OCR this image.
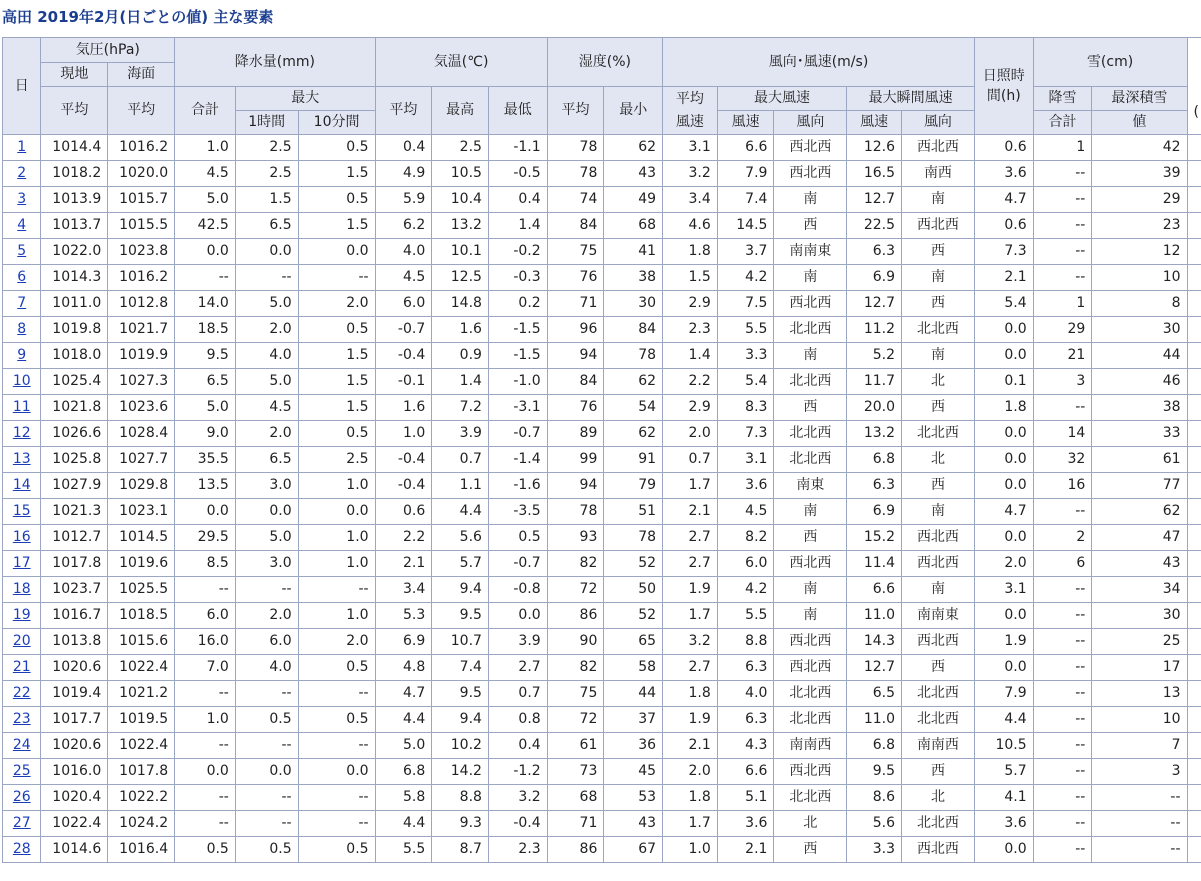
高田 2019年2月(日ごとの値) 主な要素
日	気圧(hPa)		降水量(mm)			気温(℃)			湿度(%)		風向･風速(m/s)					日照時間(h)	雪(cm)		(

	現地	海面																	
	平均	平均	合計	最大		平均	最高	最低	平均	最小	平均風速	最大風速		最大瞬間風速			降雪	最深積雪	
				1時間	10分間							風速	風向	風速	風向		合計	値	
1	1014.4	1016.2	1.0	2.5	0.5	0.4	2.5	-1.1	78	62	3.1	6.6	西北西	12.6	西北西	0.6	1	42	
2	1018.2	1020.0	4.5	2.5	1.5	4.9	10.5	-0.5	78	43	3.2	7.9	西北西	16.5	南西	3.6	--	39	
3	1013.9	1015.7	5.0	1.5	0.5	5.9	10.4	0.4	74	49	3.4	7.4	南	12.7	南	4.7	--	29	
4	1013.7	1015.5	42.5	6.5	1.5	6.2	13.2	1.4	84	68	4.6	14.5	西	22.5	西北西	0.6	--	23	
5	1022.0	1023.8	0.0	0.0	0.0	4.0	10.1	-0.2	75	41	1.8	3.7	南南東	6.3	西	7.3	--	12	
6	1014.3	1016.2	--	--	--	4.5	12.5	-0.3	76	38	1.5	4.2	南	6.9	南	2.1	--	10	
7	1011.0	1012.8	14.0	5.0	2.0	6.0	14.8	0.2	71	30	2.9	7.5	西北西	12.7	西	5.4	1	8	
8	1019.8	1021.7	18.5	2.0	0.5	-0.7	1.6	-1.5	96	84	2.3	5.5	北北西	11.2	北北西	0.0	29	30	
9	1018.0	1019.9	9.5	4.0	1.5	-0.4	0.9	-1.5	94	78	1.4	3.3	南	5.2	南	0.0	21	44	
10	1025.4	1027.3	6.5	5.0	1.5	-0.1	1.4	-1.0	84	62	2.2	5.4	北北西	11.7	北	0.1	3	46	
11	1021.8	1023.6	5.0	4.5	1.5	1.6	7.2	-3.1	76	54	2.9	8.3	西	20.0	西	1.8	--	38	
12	1026.6	1028.4	9.0	2.0	0.5	1.0	3.9	-0.7	89	62	2.0	7.3	北北西	13.2	北北西	0.0	14	33	
13	1025.8	1027.7	35.5	6.5	2.5	-0.4	0.7	-1.4	99	91	0.7	3.1	北北西	6.8	北	0.0	32	61	
14	1027.9	1029.8	13.5	3.0	1.0	-0.4	1.1	-1.6	94	79	1.7	3.6	南東	6.3	西	0.0	16	77	
15	1021.3	1023.1	0.0	0.0	0.0	0.6	4.4	-3.5	78	51	2.1	4.5	南	6.9	南	4.7	--	62	
16	1012.7	1014.5	29.5	5.0	1.0	2.2	5.6	0.5	93	78	2.7	8.2	西	15.2	西北西	0.0	2	47	
17	1017.8	1019.6	8.5	3.0	1.0	2.1	5.7	-0.7	82	52	2.7	6.0	西北西	11.4	西北西	2.0	6	43	
18	1023.7	1025.5	--	--	--	3.4	9.4	-0.8	72	50	1.9	4.2	南	6.6	南	3.1	--	34	
19	1016.7	1018.5	6.0	2.0	1.0	5.3	9.5	0.0	86	52	1.7	5.5	南	11.0	南南東	0.0	--	30	
20	1013.8	1015.6	16.0	6.0	2.0	6.9	10.7	3.9	90	65	3.2	8.8	西北西	14.3	西北西	1.9	--	25	
21	1020.6	1022.4	7.0	4.0	0.5	4.8	7.4	2.7	82	58	2.7	6.3	西北西	12.7	西	0.0	--	17	
22	1019.4	1021.2	--	--	--	4.7	9.5	0.7	75	44	1.8	4.0	北北西	6.5	北北西	7.9	--	13	
23	1017.7	1019.5	1.0	0.5	0.5	4.4	9.4	0.8	72	37	1.9	6.3	北北西	11.0	北北西	4.4	--	10	
24	1020.6	1022.4	--	--	--	5.0	10.2	0.4	61	36	2.1	4.3	南南西	6.8	南南西	10.5	--	7	
25	1016.0	1017.8	0.0	0.0	0.0	6.8	14.2	-1.2	73	45	2.0	6.6	西北西	9.5	西	5.7	--	3	
26	1020.4	1022.2	--	--	--	5.8	8.8	3.2	68	53	1.8	5.1	北北西	8.6	北	4.1	--	--	
27	1022.4	1024.2	--	--	--	4.4	9.3	-0.4	71	43	1.7	3.6	北	5.6	北北西	3.6	--	--	
28	1014.6	1016.4	0.5	0.5	0.5	5.5	8.7	2.3	86	67	1.0	2.1	西	3.3	西北西	0.0	--	--	
